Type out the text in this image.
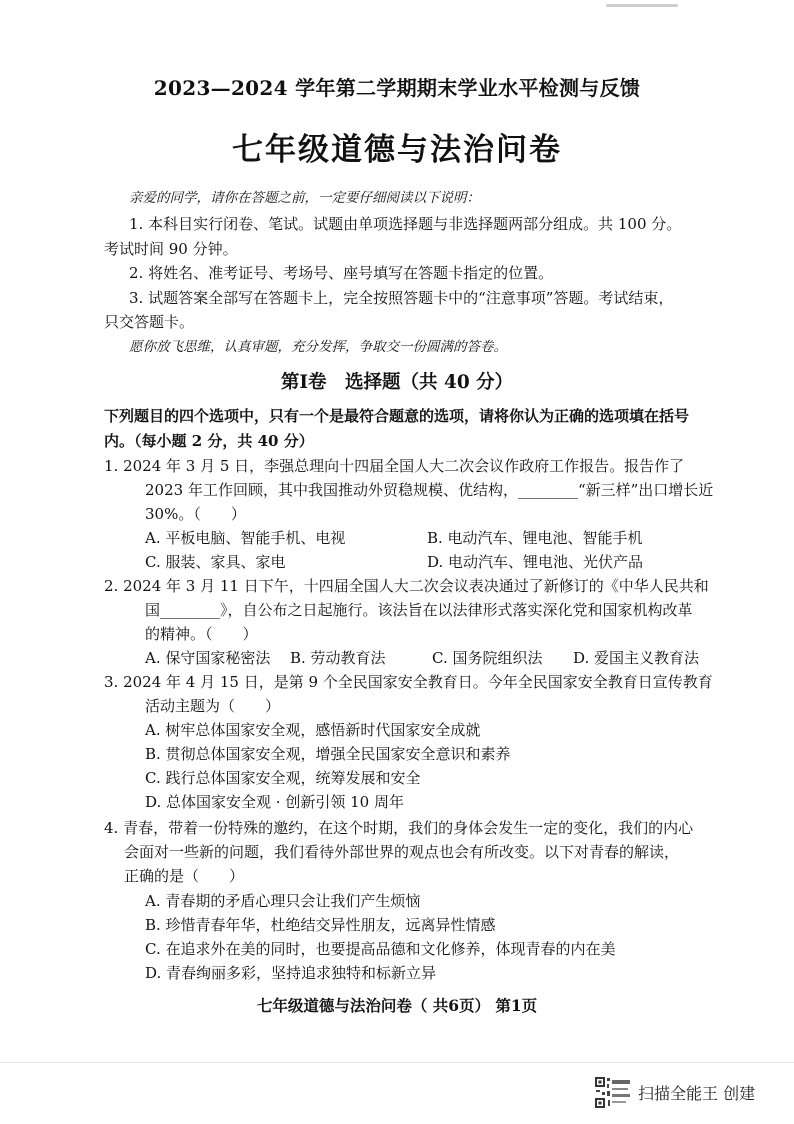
2023—2024 学年第二学期期末学业水平检测与反馈
七年级道德与法治问卷
亲爱的同学，请你在答题之前，一定要仔细阅读以下说明：
1. 本科目实行闭卷、笔试。试题由单项选择题与非选择题两部分组成。共 100 分。
考试时间 90 分钟。
2. 将姓名、准考证号、考场号、座号填写在答题卡指定的位置。
3. 试题答案全部写在答题卡上，完全按照答题卡中的“注意事项”答题。考试结束，
只交答题卡。
愿你放飞思维，认真审题，充分发挥，争取交一份圆满的答卷。
第Ⅰ卷　选择题（共 40 分）
下列题目的四个选项中，只有一个是最符合题意的选项，请将你认为正确的选项填在括号
内。（每小题 2 分，共 40 分）
1. 2024 年 3 月 5 日，李强总理向十四届全国人大二次会议作政府工作报告。报告作了
2023 年工作回顾，其中我国推动外贸稳规模、优结构，________“新三样”出口增长近
30%。（　　）
A. 平板电脑、智能手机、电视	B. 电动汽车、锂电池、智能手机
C. 服装、家具、家电	D. 电动汽车、锂电池、光伏产品
2. 2024 年 3 月 11 日下午，十四届全国人大二次会议表决通过了新修订的《中华人民共和
国________》，自公布之日起施行。该法旨在以法律形式落实深化党和国家机构改革
的精神。（　　）
A. 保守国家秘密法 B. 劳动教育法	C. 国务院组织法 D. 爱国主义教育法
3. 2024 年 4 月 15 日，是第 9 个全民国家安全教育日。今年全民国家安全教育日宣传教育
活动主题为（　　）
A. 树牢总体国家安全观，感悟新时代国家安全成就
B. 贯彻总体国家安全观，增强全民国家安全意识和素养
C. 践行总体国家安全观，统筹发展和安全
D. 总体国家安全观 · 创新引领 10 周年
4. 青春，带着一份特殊的邀约，在这个时期，我们的身体会发生一定的变化，我们的内心
会面对一些新的问题，我们看待外部世界的观点也会有所改变。以下对青春的解读，
正确的是（　　）
A. 青春期的矛盾心理只会让我们产生烦恼
B. 珍惜青春年华，杜绝结交异性朋友，远离异性情感
C. 在追求外在美的同时，也要提高品德和文化修养，体现青春的内在美
D. 青春绚丽多彩，坚持追求独特和标新立异
七年级道德与法治问卷（ 共6页） 第1页
扫描全能王 创建
